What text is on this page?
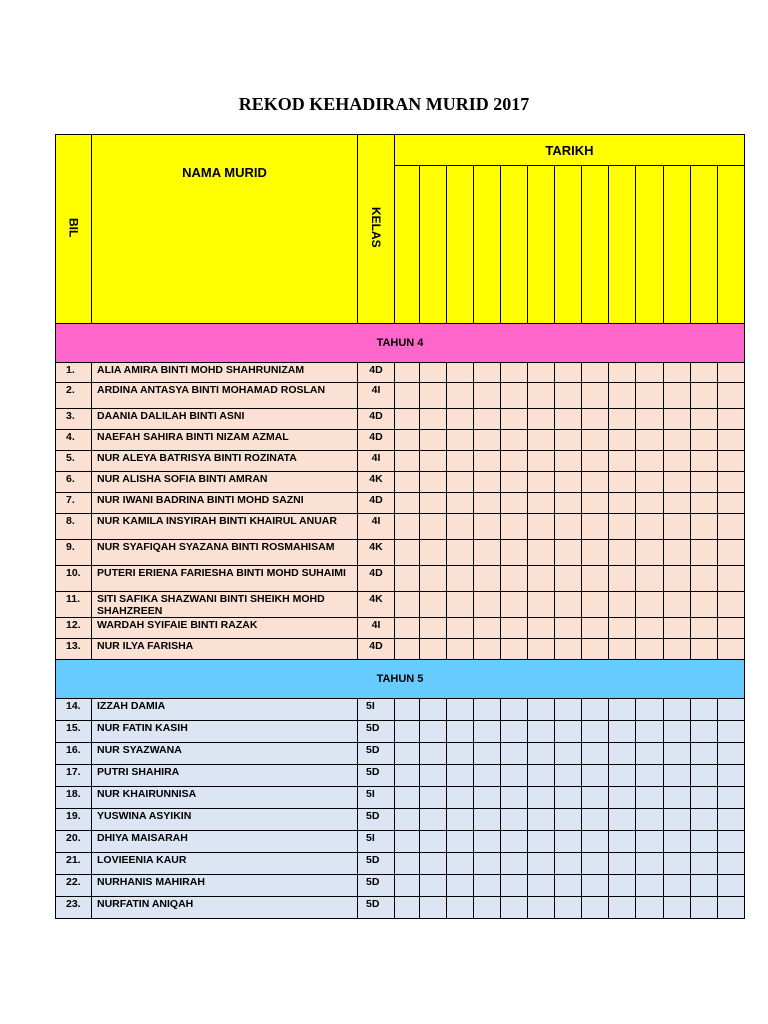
REKOD KEHADIRAN MURID 2017
BIL	NAMA MURID	KELAS	TARIKH												

TAHUN 4															
1.	ALIA AMIRA BINTI MOHD SHAHRUNIZAM	4D													
2.	ARDINA ANTASYA BINTI MOHAMAD ROSLAN	4I													
3.	DAANIA DALILAH BINTI ASNI	4D													
4.	NAEFAH SAHIRA BINTI NIZAM AZMAL	4D													
5.	NUR ALEYA BATRISYA BINTI ROZINATA	4I													
6.	NUR ALISHA SOFIA BINTI AMRAN	4K													
7.	NUR IWANI BADRINA BINTI MOHD SAZNI	4D													
8.	NUR KAMILA INSYIRAH BINTI KHAIRUL ANUAR	4I													
9.	NUR SYAFIQAH SYAZANA BINTI ROSMAHISAM	4K													
10.	PUTERI ERIENA FARIESHA BINTI MOHD SUHAIMI	4D													
11.	SITI SAFIKA SHAZWANI BINTI SHEIKH MOHD SHAHZREEN	4K													
12.	WARDAH SYIFAIE BINTI RAZAK	4I													
13.	NUR ILYA FARISHA	4D													
TAHUN 5															
14.	IZZAH DAMIA	5I													
15.	NUR FATIN KASIH	5D													
16.	NUR SYAZWANA	5D													
17.	PUTRI SHAHIRA	5D													
18.	NUR KHAIRUNNISA	5I													
19.	YUSWINA ASYIKIN	5D													
20.	DHIYA MAISARAH	5I													
21.	LOVIEENIA KAUR	5D													
22.	NURHANIS MAHIRAH	5D													
23.	NURFATIN ANIQAH	5D													
